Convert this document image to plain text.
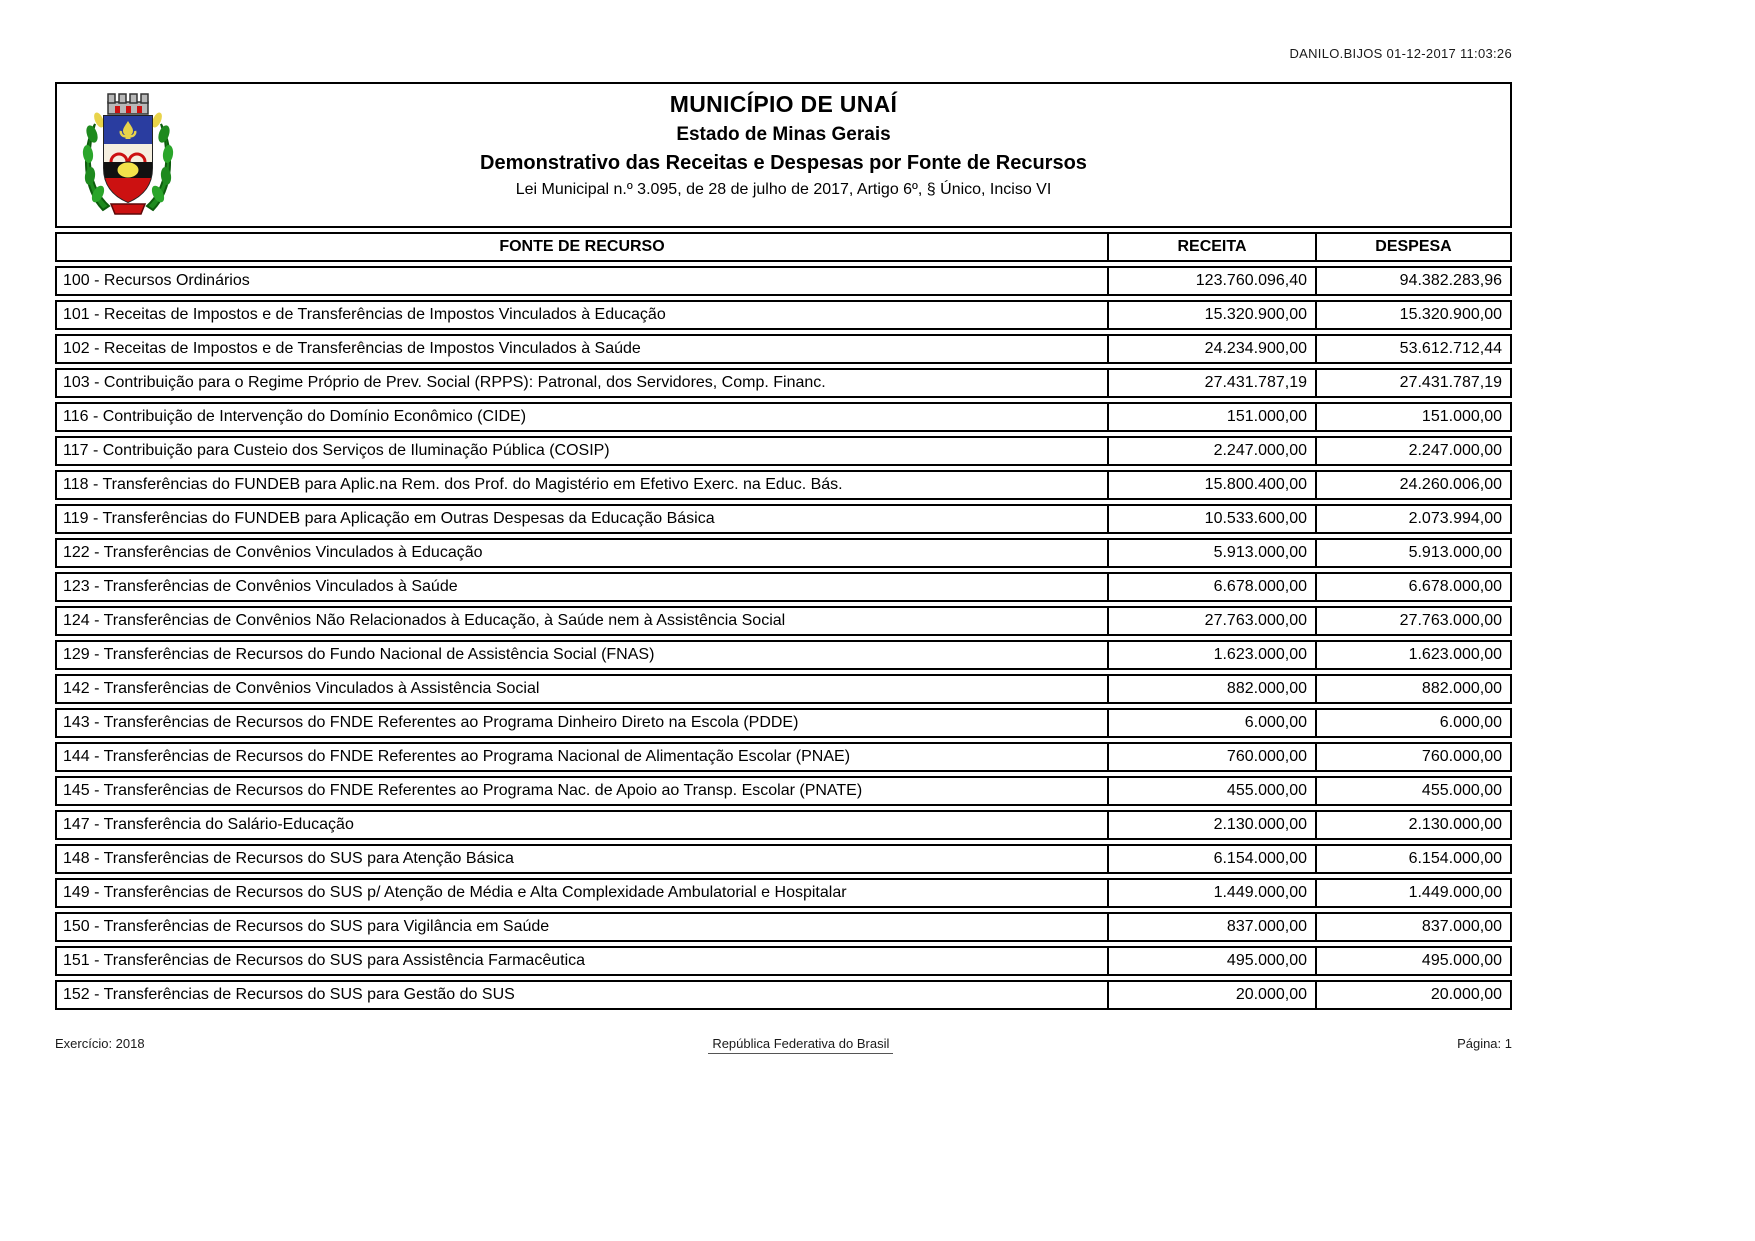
DANILO.BIJOS 01-12-2017 11:03:26
MUNICÍPIO DE UNAÍ
Estado de Minas Gerais
Demonstrativo das Receitas e Despesas por Fonte de Recursos
Lei Municipal n.º 3.095, de 28 de julho de 2017, Artigo 6º, § Único, Inciso VI
FONTE DE RECURSO	RECEITA	DESPESA
100 - Recursos Ordinários	123.760.096,40	94.382.283,96
101 - Receitas de Impostos e de Transferências de Impostos Vinculados à Educação	15.320.900,00	15.320.900,00
102 - Receitas de Impostos e de Transferências de Impostos Vinculados à Saúde	24.234.900,00	53.612.712,44
103 - Contribuição para o Regime Próprio de Prev. Social (RPPS): Patronal, dos Servidores, Comp. Financ.	27.431.787,19	27.431.787,19
116 - Contribuição de Intervenção do Domínio Econômico (CIDE)	151.000,00	151.000,00
117 - Contribuição para Custeio dos Serviços de Iluminação Pública (COSIP)	2.247.000,00	2.247.000,00
118 - Transferências do FUNDEB para Aplic.na Rem. dos Prof. do Magistério em Efetivo Exerc. na Educ. Bás.	15.800.400,00	24.260.006,00
119 - Transferências do FUNDEB para Aplicação em Outras Despesas da Educação Básica	10.533.600,00	2.073.994,00
122 - Transferências de Convênios Vinculados à Educação	5.913.000,00	5.913.000,00
123 - Transferências de Convênios Vinculados à Saúde	6.678.000,00	6.678.000,00
124 - Transferências de Convênios Não Relacionados à Educação, à Saúde nem à Assistência Social	27.763.000,00	27.763.000,00
129 - Transferências de Recursos do Fundo Nacional de Assistência Social (FNAS)	1.623.000,00	1.623.000,00
142 - Transferências de Convênios Vinculados à Assistência Social	882.000,00	882.000,00
143 - Transferências de Recursos do FNDE Referentes ao Programa Dinheiro Direto na Escola (PDDE)	6.000,00	6.000,00
144 - Transferências de Recursos do FNDE Referentes ao Programa Nacional de Alimentação Escolar (PNAE)	760.000,00	760.000,00
145 - Transferências de Recursos do FNDE Referentes ao Programa Nac. de Apoio ao Transp. Escolar (PNATE)	455.000,00	455.000,00
147 - Transferência do Salário-Educação	2.130.000,00	2.130.000,00
148 - Transferências de Recursos do SUS para Atenção Básica	6.154.000,00	6.154.000,00
149 - Transferências de Recursos do SUS p/ Atenção de Média e Alta Complexidade Ambulatorial e Hospitalar	1.449.000,00	1.449.000,00
150 - Transferências de Recursos do SUS para Vigilância em Saúde	837.000,00	837.000,00
151 - Transferências de Recursos do SUS para Assistência Farmacêutica	495.000,00	495.000,00
152 - Transferências de Recursos do SUS para Gestão do SUS	20.000,00	20.000,00
Exercício: 2018	República Federativa do Brasil	Página: 1
